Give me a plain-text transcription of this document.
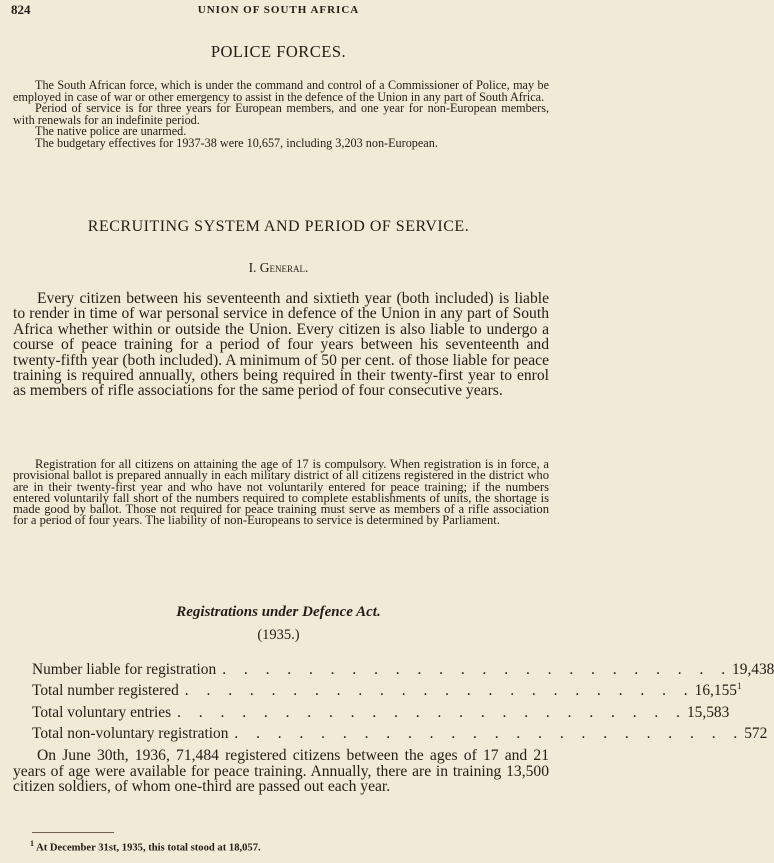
824	UNION OF SOUTH AFRICA
POLICE FORCES.

The South African force, which is under the command and control of a Commissioner of Police, may be employed in case of war or other emergency to assist in the defence of the Union in any part of South Africa.

Period of service is for three years for European members, and one year for non-European members, with renewals for an indefinite period.

The native police are unarmed.

The budgetary effectives for 1937-38 were 10,657, including 3,203 non-European.

RECRUITING SYSTEM AND PERIOD OF SERVICE.
I. General.

Every citizen between his seventeenth and sixtieth year (both included) is liable to render in time of war personal service in defence of the Union in any part of South Africa whether within or outside the Union. Every citizen is also liable to undergo a course of peace training for a period of four years between his seventeenth and twenty-fifth year (both included). A minimum of 50 per cent. of those liable for peace training is required annually, others being required in their twenty-first year to enrol as members of rifle associations for the same period of four consecutive years.

Registration for all citizens on attaining the age of 17 is compulsory. When registration is in force, a provisional ballot is prepared annually in each military district of all citizens registered in the district who are in their twenty-first year and who have not voluntarily entered for peace training; if the numbers entered voluntarily fall short of the numbers required to complete establishments of units, the shortage is made good by ballot. Those not required for peace training must serve as members of a rifle association for a period of four years. The liability of non-Europeans to service is determined by Parliament.

Registrations under Defence Act.
(1935.)
Number liable for registration . . . . . . . . . . . . . . . . . . . . . . . . 19,438
Total number registered . . . . . . . . . . . . . . . . . . . . . . . . 16,155$^1$
Total voluntary entries . . . . . . . . . . . . . . . . . . . . . . . . 15,583
Total non-voluntary registration . . . . . . . . . . . . . . . . . . . . . . . . 572

On June 30th, 1936, 71,484 registered citizens between the ages of 17 and 21 years of age were available for peace training. Annually, there are in training 13,500 citizen soldiers, of whom one-third are passed out each year.

$^1$ At December 31st, 1935, this total stood at 18,057.
